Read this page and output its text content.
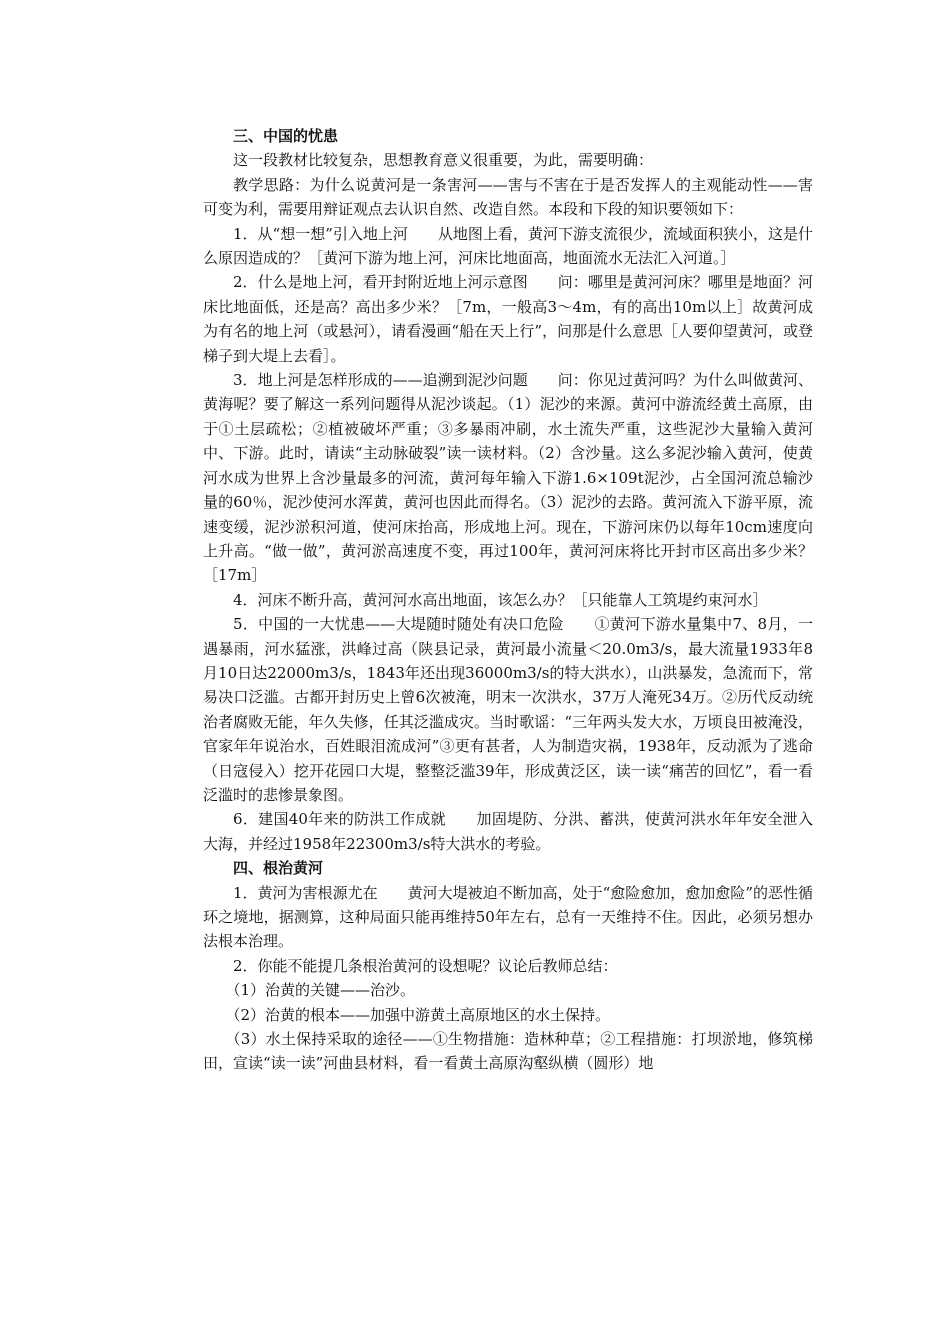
三、中国的忧患

这一段教材比较复杂，思想教育意义很重要，为此，需要明确：

教学思路：为什么说黄河是一条害河——害与不害在于是否发挥人的主观能动性——害可变为利，需要用辩证观点去认识自然、改造自然。本段和下段的知识要领如下：

1．从“想一想”引入地上河　　从地图上看，黄河下游支流很少，流域面积狭小，这是什么原因造成的？［黄河下游为地上河，河床比地面高，地面流水无法汇入河道。］

2．什么是地上河，看开封附近地上河示意图　　问：哪里是黄河河床？哪里是地面？河床比地面低，还是高？高出多少米？［7m，一般高3～4m，有的高出10m以上］故黄河成为有名的地上河（或悬河），请看漫画“船在天上行”，问那是什么意思［人要仰望黄河，或登梯子到大堤上去看］。

3．地上河是怎样形成的——追溯到泥沙问题　　问：你见过黄河吗？为什么叫做黄河、黄海呢？要了解这一系列问题得从泥沙谈起。（1）泥沙的来源。黄河中游流经黄土高原，由于①土层疏松；②植被破坏严重；③多暴雨冲刷，水土流失严重，这些泥沙大量输入黄河中、下游。此时，请读“主动脉破裂”读一读材料。（2）含沙量。这么多泥沙输入黄河，使黄河水成为世界上含沙量最多的河流，黄河每年输入下游1.6×109t泥沙，占全国河流总输沙量的60％，泥沙使河水浑黄，黄河也因此而得名。（3）泥沙的去路。黄河流入下游平原，流速变缓，泥沙淤积河道，使河床抬高，形成地上河。现在，下游河床仍以每年10cm速度向上升高。“做一做”，黄河淤高速度不变，再过100年，黄河河床将比开封市区高出多少米？［17m］

4．河床不断升高，黄河河水高出地面，该怎么办？［只能靠人工筑堤约束河水］

5．中国的一大忧患——大堤随时随处有决口危险　　①黄河下游水量集中7、8月，一遇暴雨，河水猛涨，洪峰过高（陕县记录，黄河最小流量＜20.0m3/s，最大流量1933年8月10日达22000m3/s，1843年还出现36000m3/s的特大洪水），山洪暴发，急流而下，常易决口泛滥。古都开封历史上曾6次被淹，明末一次洪水，37万人淹死34万。②历代反动统治者腐败无能，年久失修，任其泛滥成灾。当时歌谣：“三年两头发大水，万顷良田被淹没，官家年年说治水，百姓眼泪流成河”③更有甚者，人为制造灾祸，1938年，反动派为了逃命（日寇侵入）挖开花园口大堤，整整泛滥39年，形成黄泛区，读一读“痛苦的回忆”，看一看泛滥时的悲惨景象图。

6．建国40年来的防洪工作成就　　加固堤防、分洪、蓄洪，使黄河洪水年年安全泄入大海，并经过1958年22300m3/s特大洪水的考验。

四、根治黄河

1．黄河为害根源尤在　　黄河大堤被迫不断加高，处于“愈险愈加，愈加愈险”的恶性循环之境地，据测算，这种局面只能再维持50年左右，总有一天维持不住。因此，必须另想办法根本治理。

2．你能不能提几条根治黄河的设想呢？议论后教师总结：

（1）治黄的关键——治沙。

（2）治黄的根本——加强中游黄土高原地区的水土保持。

（3）水土保持采取的途径——①生物措施：造林种草；②工程措施：打坝淤地，修筑梯田，宣读“读一读”河曲县材料，看一看黄土高原沟壑纵横（圆形）地
